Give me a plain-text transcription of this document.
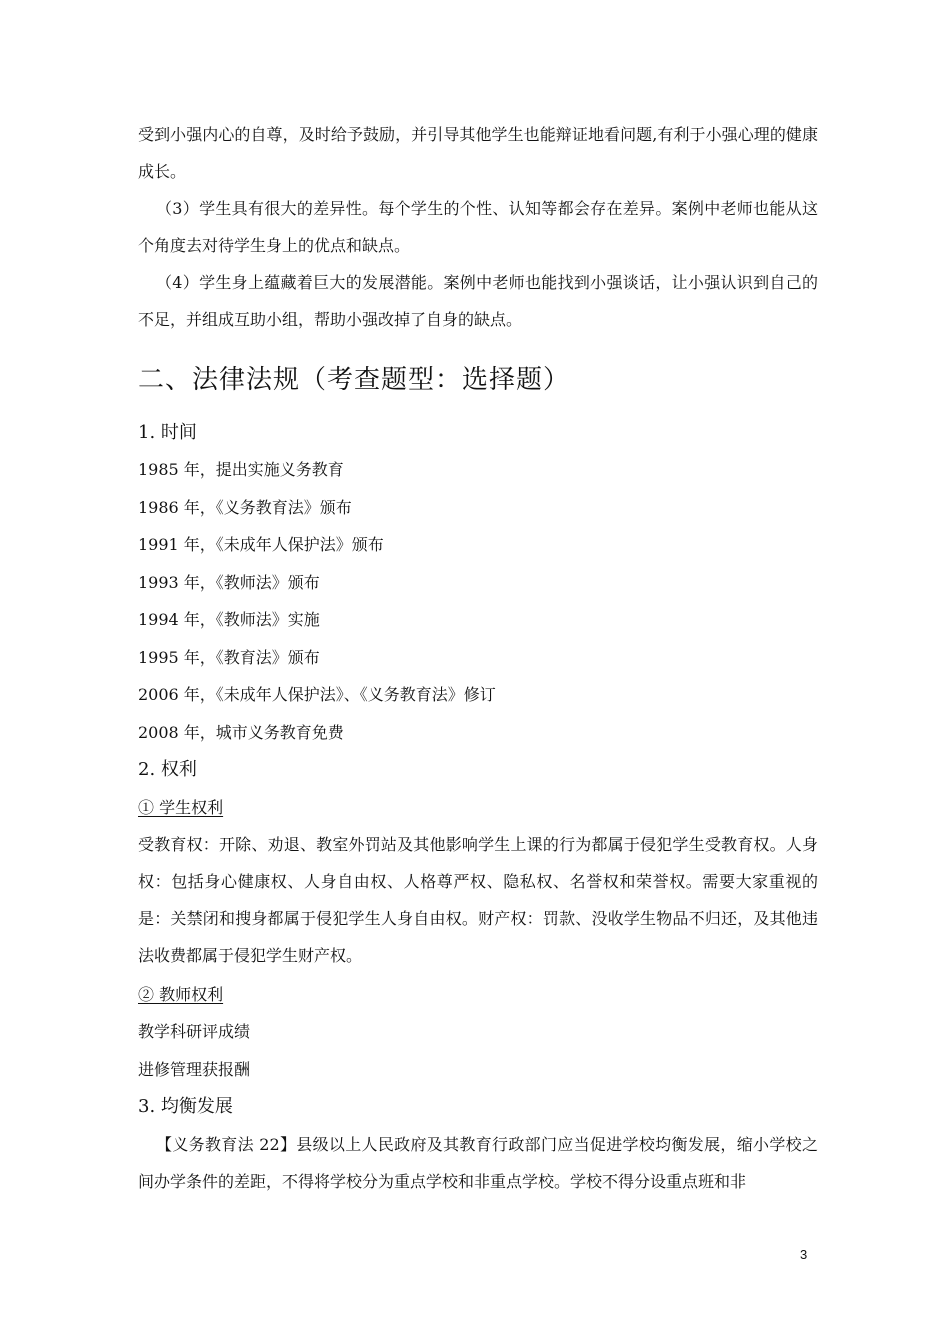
受到小强内心的自尊，及时给予鼓励，并引导其他学生也能辩证地看问题,有利于小强心理的健康成长。

（3）学生具有很大的差异性。每个学生的个性、认知等都会存在差异。案例中老师也能从这个角度去对待学生身上的优点和缺点。

（4）学生身上蕴藏着巨大的发展潜能。案例中老师也能找到小强谈话，让小强认识到自己的不足，并组成互助小组，帮助小强改掉了自身的缺点。

二、法律法规（考查题型：选择题）
1. 时间
1985 年，提出实施义务教育
1986 年，《义务教育法》颁布
1991 年，《未成年人保护法》颁布
1993 年，《教师法》颁布
1994 年，《教师法》实施
1995 年，《教育法》颁布
2006 年，《未成年人保护法》、《义务教育法》修订
2008 年，城市义务教育免费
2. 权利
① 学生权利

受教育权：开除、劝退、教室外罚站及其他影响学生上课的行为都属于侵犯学生受教育权。人身权：包括身心健康权、人身自由权、人格尊严权、隐私权、名誉权和荣誉权。需要大家重视的是：关禁闭和搜身都属于侵犯学生人身自由权。财产权：罚款、没收学生物品不归还，及其他违法收费都属于侵犯学生财产权。

② 教师权利
教学科研评成绩
进修管理获报酬
3. 均衡发展

【义务教育法 22】县级以上人民政府及其教育行政部门应当促进学校均衡发展，缩小学校之间办学条件的差距，不得将学校分为重点学校和非重点学校。学校不得分设重点班和非

3
